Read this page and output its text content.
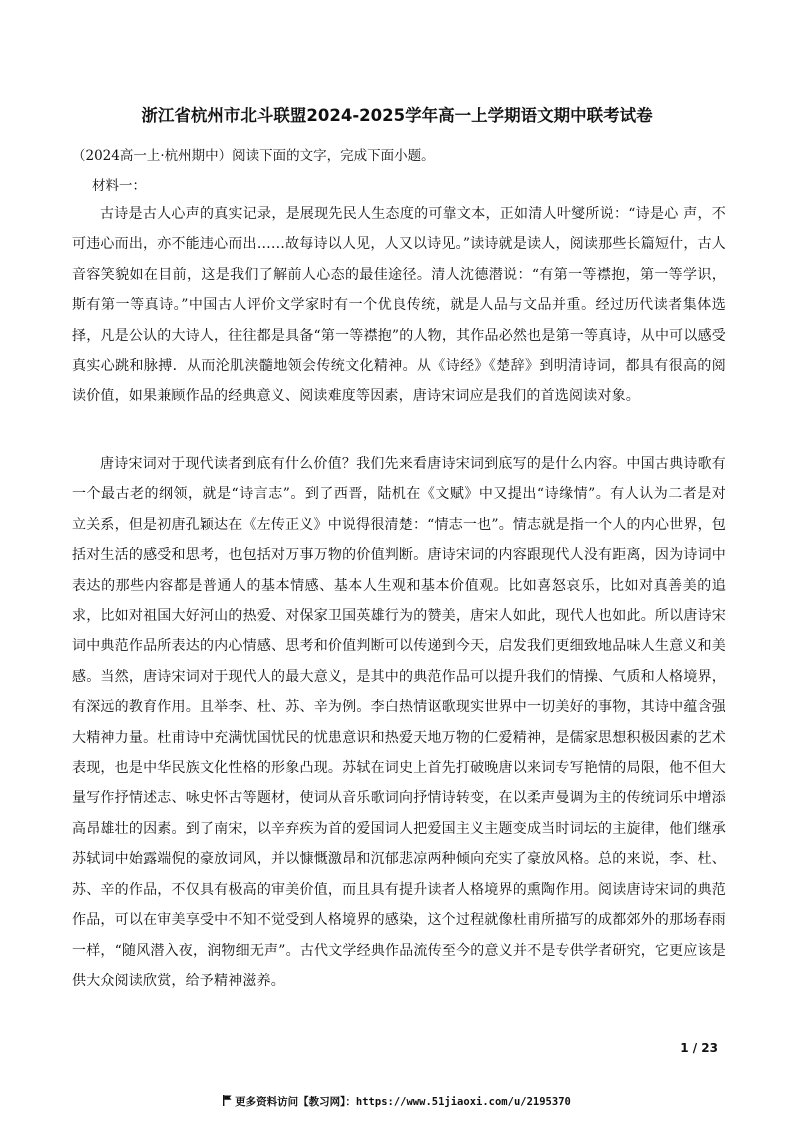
浙江省杭州市北斗联盟2024-2025学年高一上学期语文期中联考试卷
（2024高一上·杭州期中）阅读下面的文字，完成下面小题。
材料一：

古诗是古人心声的真实记录，是展现先民人生态度的可靠文本，正如清人叶燮所说：“诗是心 声，不可违心而出，亦不能违心而出……故每诗以人见，人又以诗见。”读诗就是读人，阅读那些长篇短什，古人音容笑貌如在目前，这是我们了解前人心态的最佳途径。清人沈德潜说：“有第一等襟抱，第一等学识，斯有第一等真诗。”中国古人评价文学家时有一个优良传统，就是人品与文品并重。经过历代读者集体选择，凡是公认的大诗人，往往都是具备“第一等襟抱”的人物，其作品必然也是第一等真诗，从中可以感受真实心跳和脉搏．从而沦肌浃髓地领会传统文化精神。从《诗经》《楚辞》到明清诗词，都具有很高的阅读价值，如果兼顾作品的经典意义、阅读难度等因素，唐诗宋词应是我们的首选阅读对象。

唐诗宋词对于现代读者到底有什么价值？我们先来看唐诗宋词到底写的是什么内容。中国古典诗歌有一个最古老的纲领，就是“诗言志”。到了西晋，陆机在《文赋》中又提出“诗缘情”。有人认为二者是对立关系，但是初唐孔颖达在《左传正义》中说得很清楚：“情志一也”。情志就是指一个人的内心世界，包括对生活的感受和思考，也包括对万事万物的价值判断。唐诗宋词的内容跟现代人没有距离，因为诗词中表达的那些内容都是普通人的基本情感、基本人生观和基本价值观。比如喜怒哀乐，比如对真善美的追求，比如对祖国大好河山的热爱、对保家卫国英雄行为的赞美，唐宋人如此，现代人也如此。所以唐诗宋词中典范作品所表达的内心情感、思考和价值判断可以传递到今天，启发我们更细致地品味人生意义和美感。当然，唐诗宋词对于现代人的最大意义，是其中的典范作品可以提升我们的情操、气质和人格境界，有深远的教育作用。且举李、杜、苏、辛为例。李白热情讴歌现实世界中一切美好的事物，其诗中蕴含强大精神力量。杜甫诗中充满忧国忧民的忧患意识和热爱天地万物的仁爱精神，是儒家思想积极因素的艺术表现，也是中华民族文化性格的形象凸现。苏轼在词史上首先打破晚唐以来词专写艳情的局限，他不但大量写作抒情述志、咏史怀古等题材，使词从音乐歌词向抒情诗转变，在以柔声曼调为主的传统词乐中增添高昂雄壮的因素。到了南宋，以辛弃疾为首的爱国词人把爱国主义主题变成当时词坛的主旋律，他们继承苏轼词中始露端倪的豪放词风，并以慷慨激昂和沉郁悲凉两种倾向充实了豪放风格。总的来说，李、杜、苏、辛的作品，不仅具有极高的审美价值，而且具有提升读者人格境界的熏陶作用。阅读唐诗宋词的典范作品，可以在审美享受中不知不觉受到人格境界的感染，这个过程就像杜甫所描写的成都郊外的那场春雨一样，“随风潜入夜，润物细无声”。古代文学经典作品流传至今的意义并不是专供学者研究，它更应该是供大众阅读欣赏，给予精神滋养。

1 / 23
更多资料访问【教习网】：https://www.51jiaoxi.com/u/2195370
